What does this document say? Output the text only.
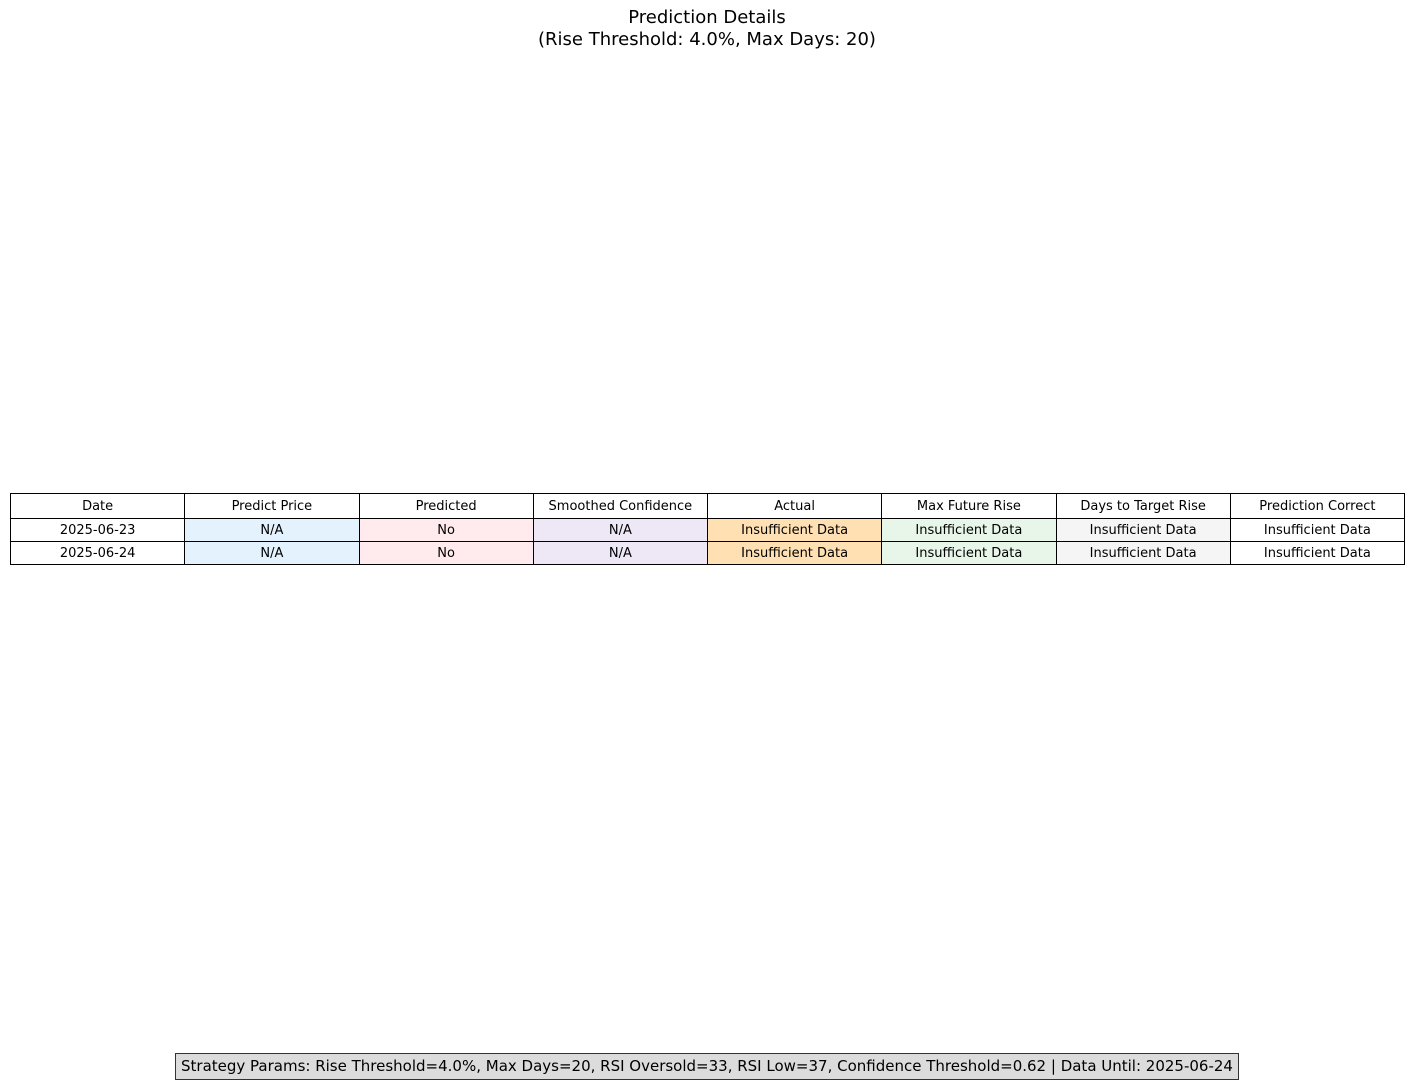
Prediction Details
(Rise Threshold: 4.0%, Max Days: 20)
Date	Predict Price	Predicted	Smoothed Confidence	Actual	Max Future Rise	Days to Target Rise	Prediction Correct
2025-06-23	N/A	No	N/A	Insufficient Data	Insufficient Data	Insufficient Data	Insufficient Data
2025-06-24	N/A	No	N/A	Insufficient Data	Insufficient Data	Insufficient Data	Insufficient Data
Strategy Params: Rise Threshold=4.0%, Max Days=20, RSI Oversold=33, RSI Low=37, Confidence Threshold=0.62 | Data Until: 2025-06-24
